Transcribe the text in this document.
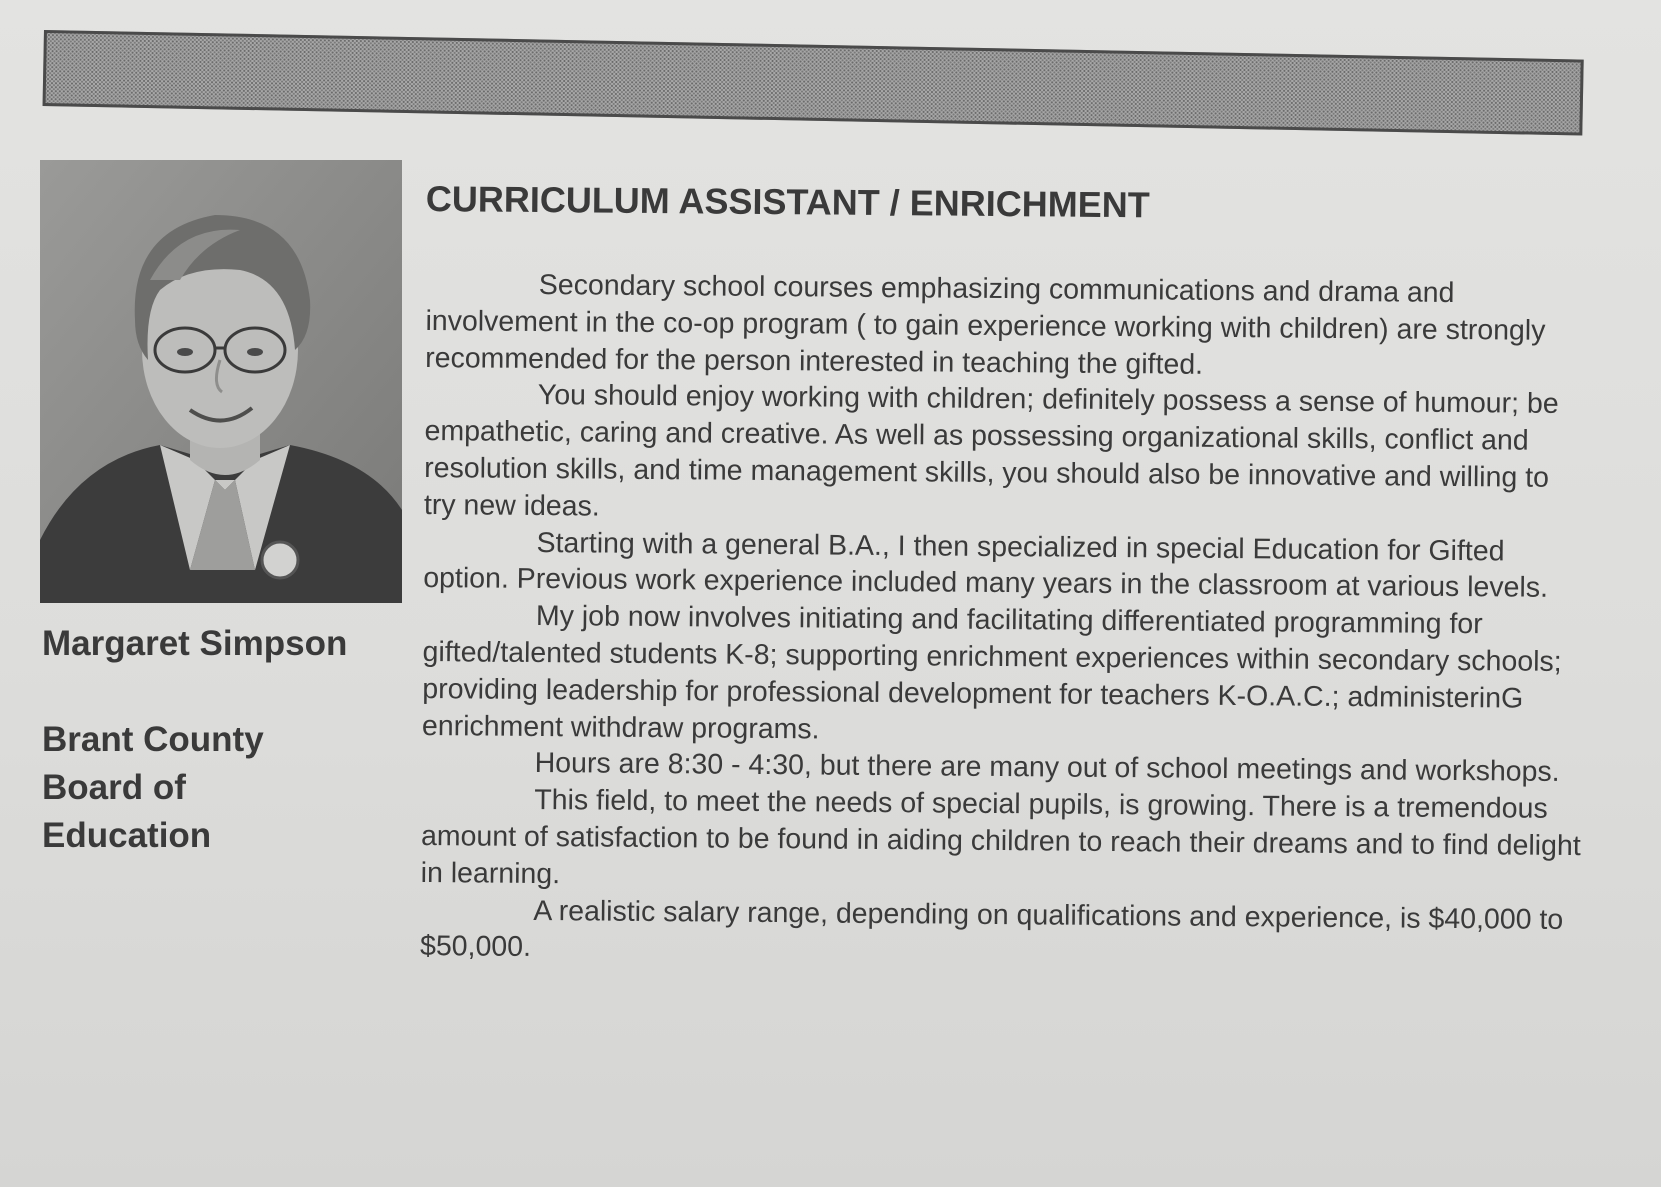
Margaret Simpson
Brant County Board of Education
CURRICULUM ASSISTANT / ENRICHMENT

Secondary school courses emphasizing communications and drama and involvement in the co-op program ( to gain experience working with children) are strongly recommended for the person interested in teaching the gifted.

You should enjoy working with children; definitely possess a sense of humour; be empathetic, caring and creative. As well as possessing organizational skills, conflict and resolution skills, and time management skills, you should also be innovative and willing to try new ideas.

Starting with a general B.A., I then specialized in special Education for Gifted option. Previous work experience included many years in the classroom at various levels.

My job now involves initiating and facilitating differentiated programming for gifted/talented students K-8; supporting enrichment experiences within secondary schools; providing leadership for professional development for teachers K-O.A.C.; administerinG enrichment withdraw programs.

Hours are 8:30 - 4:30, but there are many out of school meetings and workshops.

This field, to meet the needs of special pupils, is growing. There is a tremendous amount of satisfaction to be found in aiding children to reach their dreams and to find delight in learning.

A realistic salary range, depending on qualifications and experience, is $40,000 to $50,000.
